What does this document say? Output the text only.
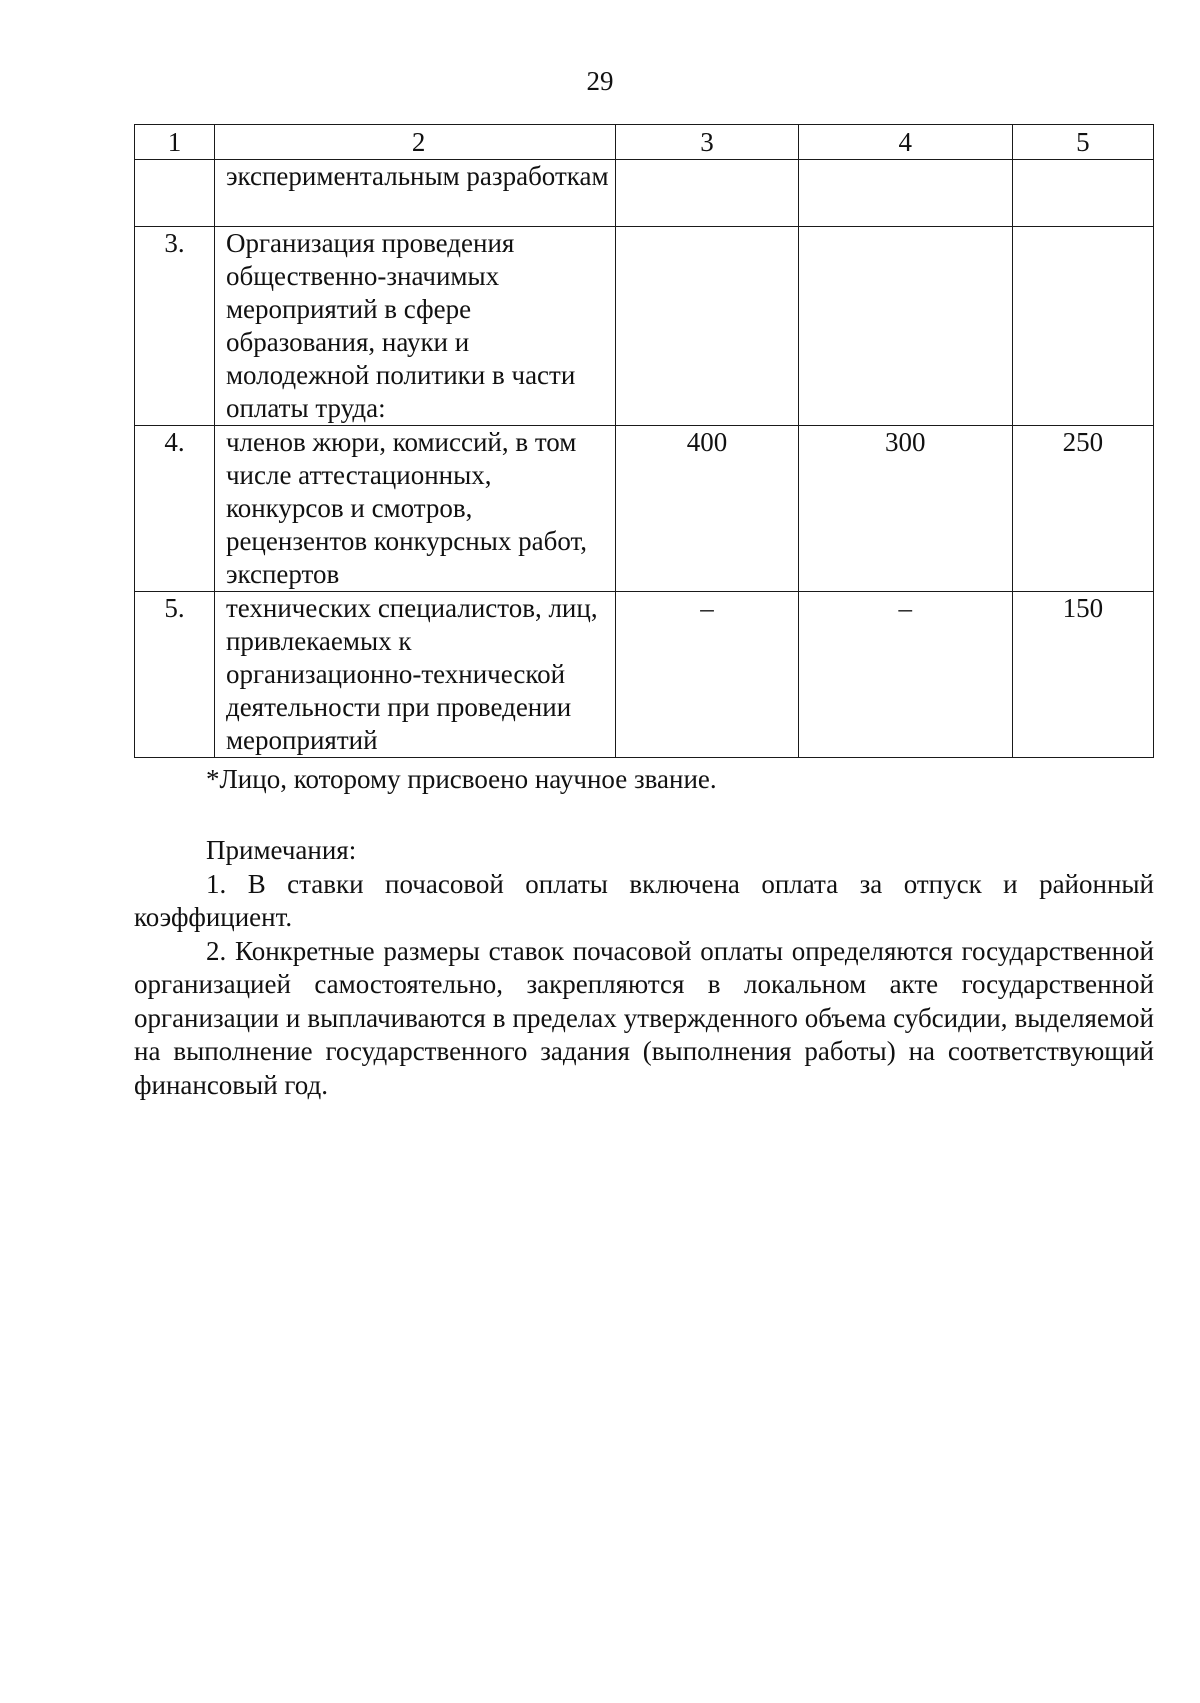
29
1	2	3	4	5
	экспериментальным разработкам			
3.	Организация проведения общественно-значимых мероприятий в сфере образования, науки и молодежной политики в части оплаты труда:			
4.	членов жюри, комиссий, в том числе аттестационных, конкурсов и смотров, рецензентов конкурсных работ, экспертов	400	300	250
5.	технических специалистов, лиц, привлекаемых к организационно-технической деятельности при проведении мероприятий	–	–	150
*Лицо, которому присвоено научное звание.
Примечания:

1. В ставки почасовой оплаты включена оплата за отпуск и районный коэффициент.

2. Конкретные размеры ставок почасовой оплаты определяются государственной организацией самостоятельно, закрепляются в локальном акте государственной организации и выплачиваются в пределах утвержденного объема субсидии, выделяемой на выполнение государственного задания (выполнения работы) на соответствующий финансовый год.
